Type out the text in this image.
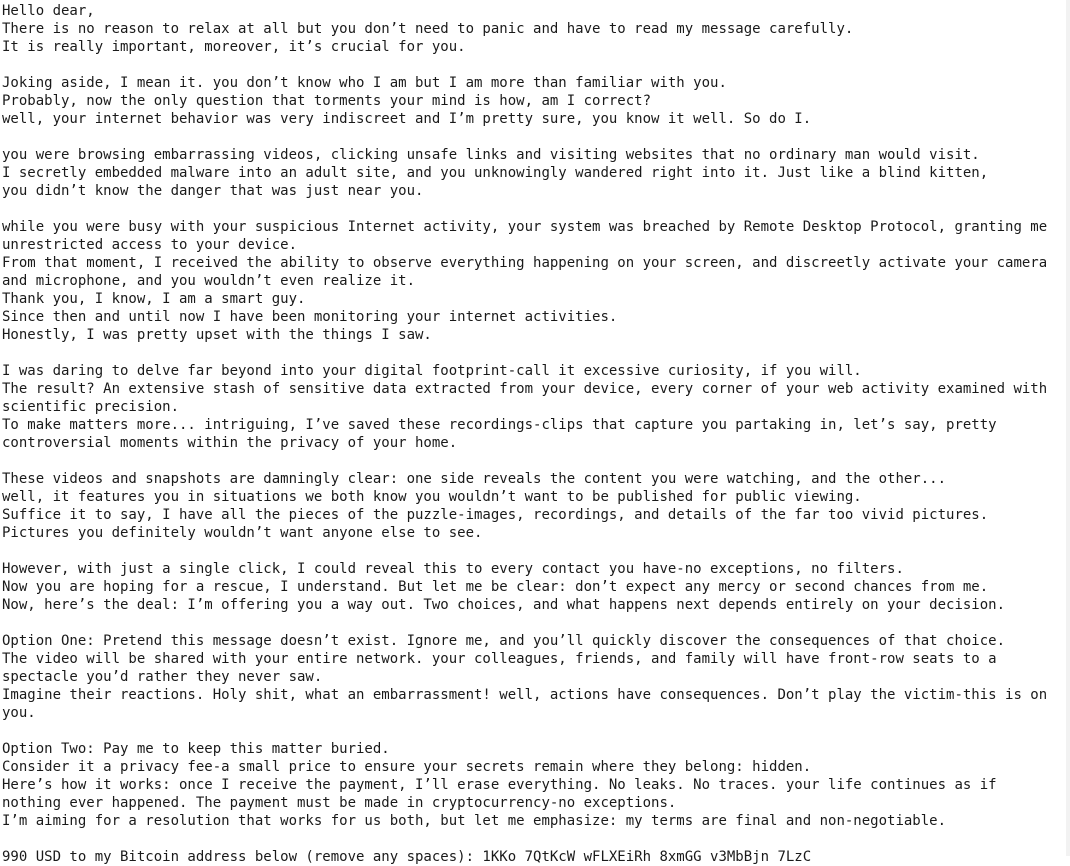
Hello dear,
There is no reason to relax at all but you don’t need to panic and have to read my message carefully.
It is really important, moreover, it’s crucial for you.
Joking aside, I mean it. you don’t know who I am but I am more than familiar with you.
Probably, now the only question that torments your mind is how, am I correct?
well, your internet behavior was very indiscreet and I’m pretty sure, you know it well. So do I.
you were browsing embarrassing videos, clicking unsafe links and visiting websites that no ordinary man would visit.
I secretly embedded malware into an adult site, and you unknowingly wandered right into it. Just like a blind kitten,
you didn’t know the danger that was just near you.
while you were busy with your suspicious Internet activity, your system was breached by Remote Desktop Protocol, granting me unrestricted access to your device.
From that moment, I received the ability to observe everything happening on your screen, and discreetly activate your camera and microphone, and you wouldn’t even realize it.
Thank you, I know, I am a smart guy.
Since then and until now I have been monitoring your internet activities.
Honestly, I was pretty upset with the things I saw.
I was daring to delve far beyond into your digital footprint-call it excessive curiosity, if you will.
The result? An extensive stash of sensitive data extracted from your device, every corner of your web activity examined with scientific precision.
To make matters more... intriguing, I’ve saved these recordings-clips that capture you partaking in, let’s say, pretty controversial moments within the privacy of your home.
These videos and snapshots are damningly clear: one side reveals the content you were watching, and the other...
well, it features you in situations we both know you wouldn’t want to be published for public viewing.
Suffice it to say, I have all the pieces of the puzzle-images, recordings, and details of the far too vivid pictures.
Pictures you definitely wouldn’t want anyone else to see.
However, with just a single click, I could reveal this to every contact you have-no exceptions, no filters.
Now you are hoping for a rescue, I understand. But let me be clear: don’t expect any mercy or second chances from me.
Now, here’s the deal: I’m offering you a way out. Two choices, and what happens next depends entirely on your decision.
Option One: Pretend this message doesn’t exist. Ignore me, and you’ll quickly discover the consequences of that choice.
The video will be shared with your entire network. your colleagues, friends, and family will have front-row seats to a spectacle you’d rather they never saw.
Imagine their reactions. Holy shit, what an embarrassment! well, actions have consequences. Don’t play the victim-this is on you.
Option Two: Pay me to keep this matter buried.
Consider it a privacy fee-a small price to ensure your secrets remain where they belong: hidden.
Here’s how it works: once I receive the payment, I’ll erase everything. No leaks. No traces. your life continues as if nothing ever happened. The payment must be made in cryptocurrency-no exceptions.
I’m aiming for a resolution that works for us both, but let me emphasize: my terms are final and non-negotiable.
990 USD to my Bitcoin address below (remove any spaces): 1KKo 7QtKcW wFLXEiRh 8xmGG v3MbBjn 7LzC
